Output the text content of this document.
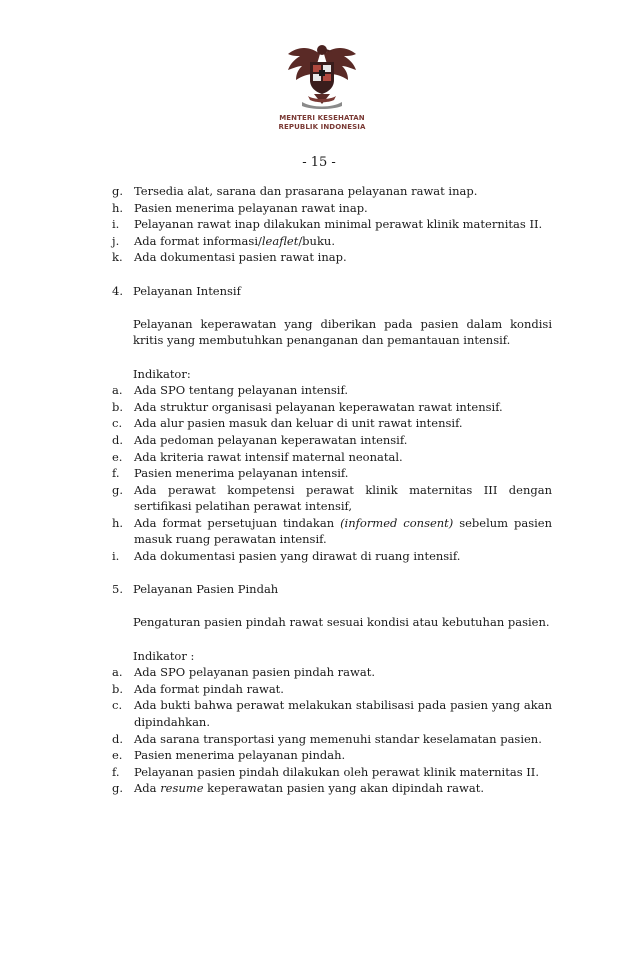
MENTERI KESEHATAN
REPUBLIK INDONESIA
- 15 -
g. Tersedia alat, sarana dan prasarana pelayanan rawat inap.
h. Pasien menerima pelayanan rawat inap.
i.	Pelayanan rawat inap dilakukan minimal perawat klinik maternitas II.
j.	Ada format informasi/leaflet/buku.
k. Ada dokumentasi pasien rawat inap.
4. Pelayanan Intensif

Pelayanan keperawatan yang diberikan pada pasien dalam kondisi kritis yang membutuhkan penanganan dan pemantauan intensif.

Indikator:
a. Ada SPO tentang pelayanan intensif.
b. Ada struktur organisasi pelayanan keperawatan rawat intensif.
c.	Ada alur pasien masuk dan keluar di unit rawat intensif.
d. Ada pedoman pelayanan keperawatan intensif.
e.	Ada kriteria rawat intensif maternal neonatal.
f.	Pasien menerima pelayanan intensif.
g. Ada perawat kompetensi perawat klinik maternitas III dengan sertifikasi pelatihan perawat intensif,
h. Ada format persetujuan tindakan (informed consent) sebelum pasien masuk ruang perawatan intensif.
i.	Ada dokumentasi pasien yang dirawat di ruang intensif.
5. Pelayanan Pasien Pindah

Pengaturan pasien pindah rawat sesuai kondisi atau kebutuhan pasien.

Indikator :
a. Ada SPO pelayanan pasien pindah rawat.
b. Ada format pindah rawat.
c.	Ada bukti bahwa perawat melakukan stabilisasi pada pasien yang akan dipindahkan.
d. Ada sarana transportasi yang memenuhi standar keselamatan pasien.
e.	Pasien menerima pelayanan pindah.
f.	Pelayanan pasien pindah dilakukan oleh perawat klinik maternitas II.
g. Ada resume keperawatan pasien yang akan dipindah rawat.
